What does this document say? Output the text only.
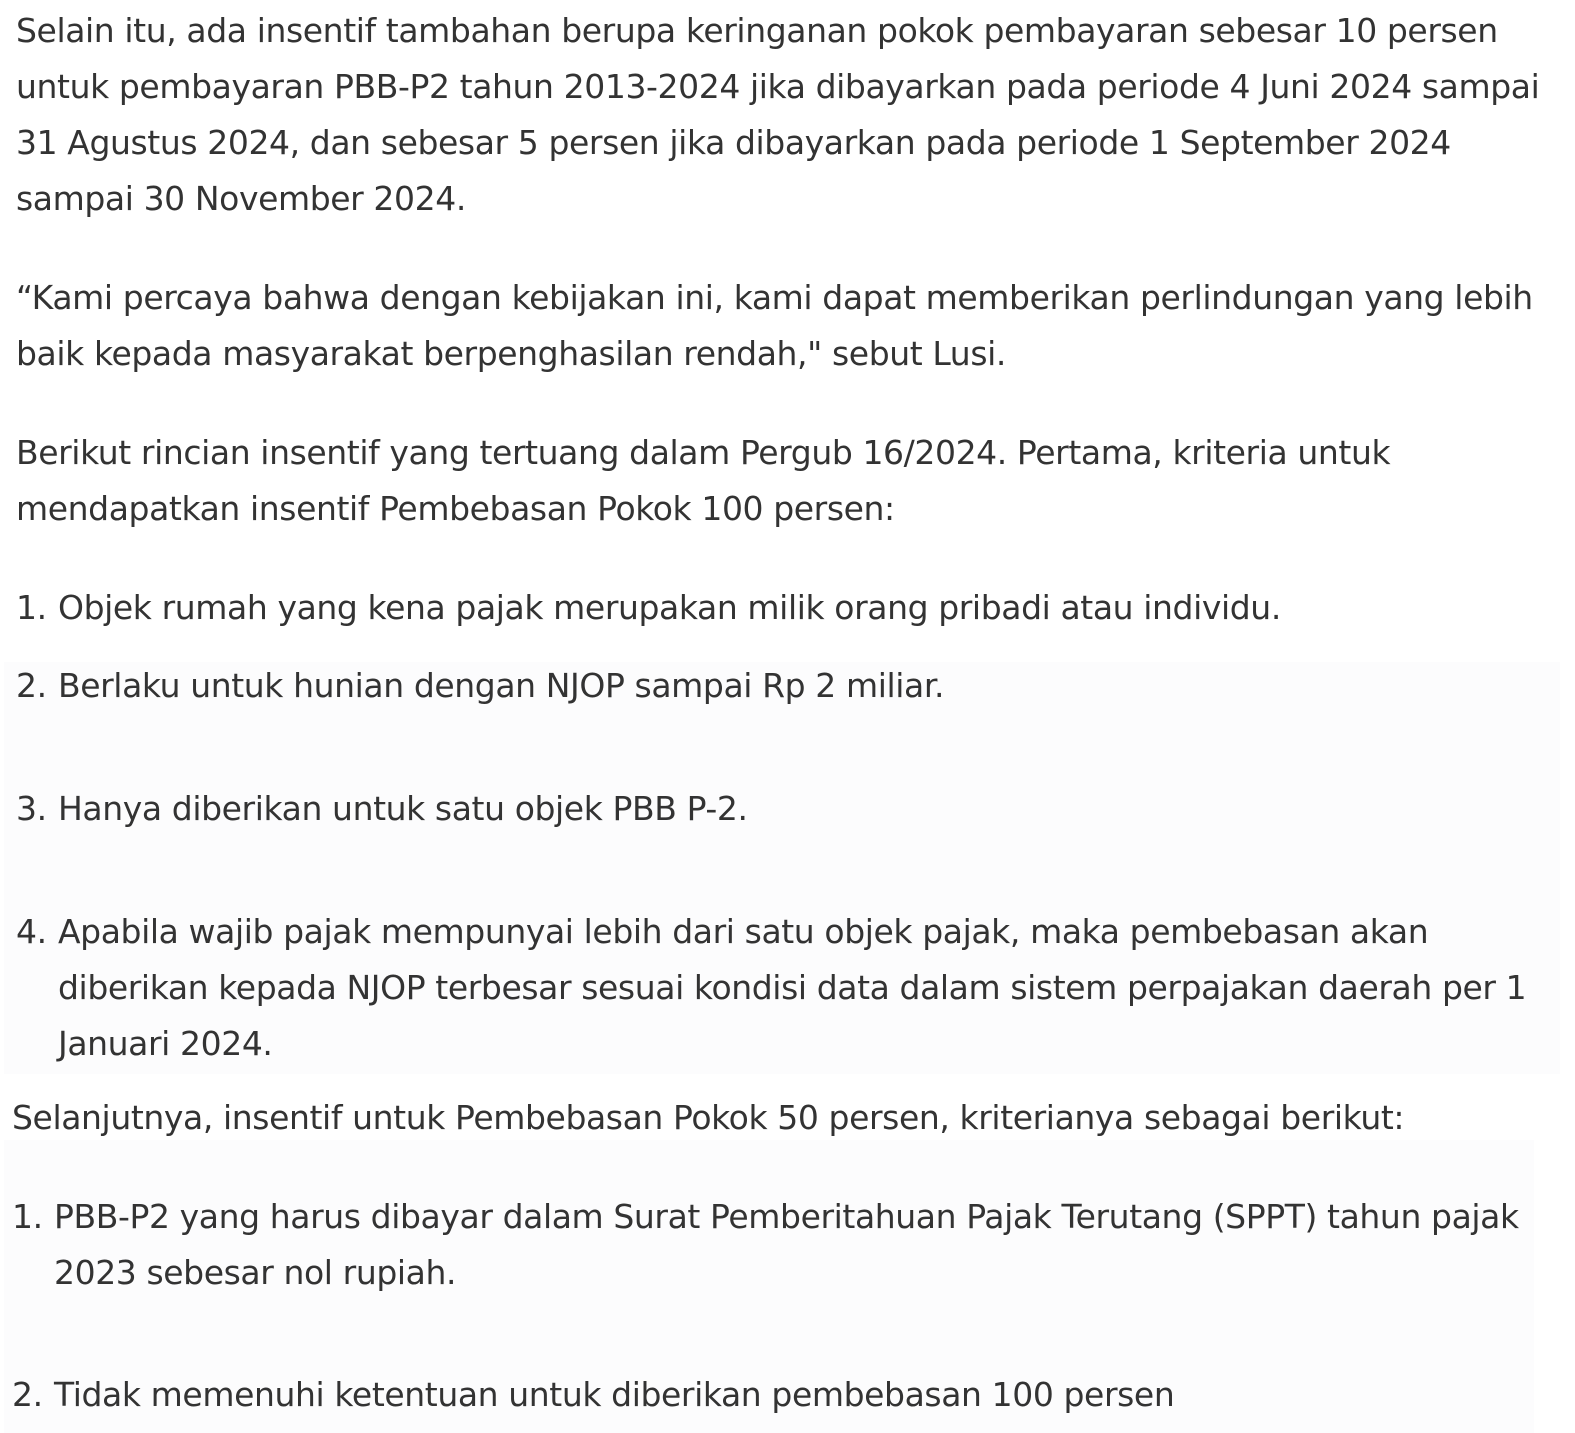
Selain itu, ada insentif tambahan berupa keringanan pokok pembayaran sebesar 10 persen untuk pembayaran PBB-P2 tahun 2013-2024 jika dibayarkan pada periode 4 Juni 2024 sampai 31 Agustus 2024, dan sebesar 5 persen jika dibayarkan pada periode 1 September 2024 sampai 30 November 2024.

“Kami percaya bahwa dengan kebijakan ini, kami dapat memberikan perlindungan yang lebih baik kepada masyarakat berpenghasilan rendah," sebut Lusi.

Berikut rincian insentif yang tertuang dalam Pergub 16/2024. Pertama, kriteria untuk mendapatkan insentif Pembebasan Pokok 100 persen:

1. Objek rumah yang kena pajak merupakan milik orang pribadi atau individu.
2. Berlaku untuk hunian dengan NJOP sampai Rp 2 miliar.
3. Hanya diberikan untuk satu objek PBB P-2.
4. Apabila wajib pajak mempunyai lebih dari satu objek pajak, maka pembebasan akan diberikan kepada NJOP terbesar sesuai kondisi data dalam sistem perpajakan daerah per 1 Januari 2024.

Selanjutnya, insentif untuk Pembebasan Pokok 50 persen, kriterianya sebagai berikut:

1. PBB-P2 yang harus dibayar dalam Surat Pemberitahuan Pajak Terutang (SPPT) tahun pajak 2023 sebesar nol rupiah.
2. Tidak memenuhi ketentuan untuk diberikan pembebasan 100 persen
